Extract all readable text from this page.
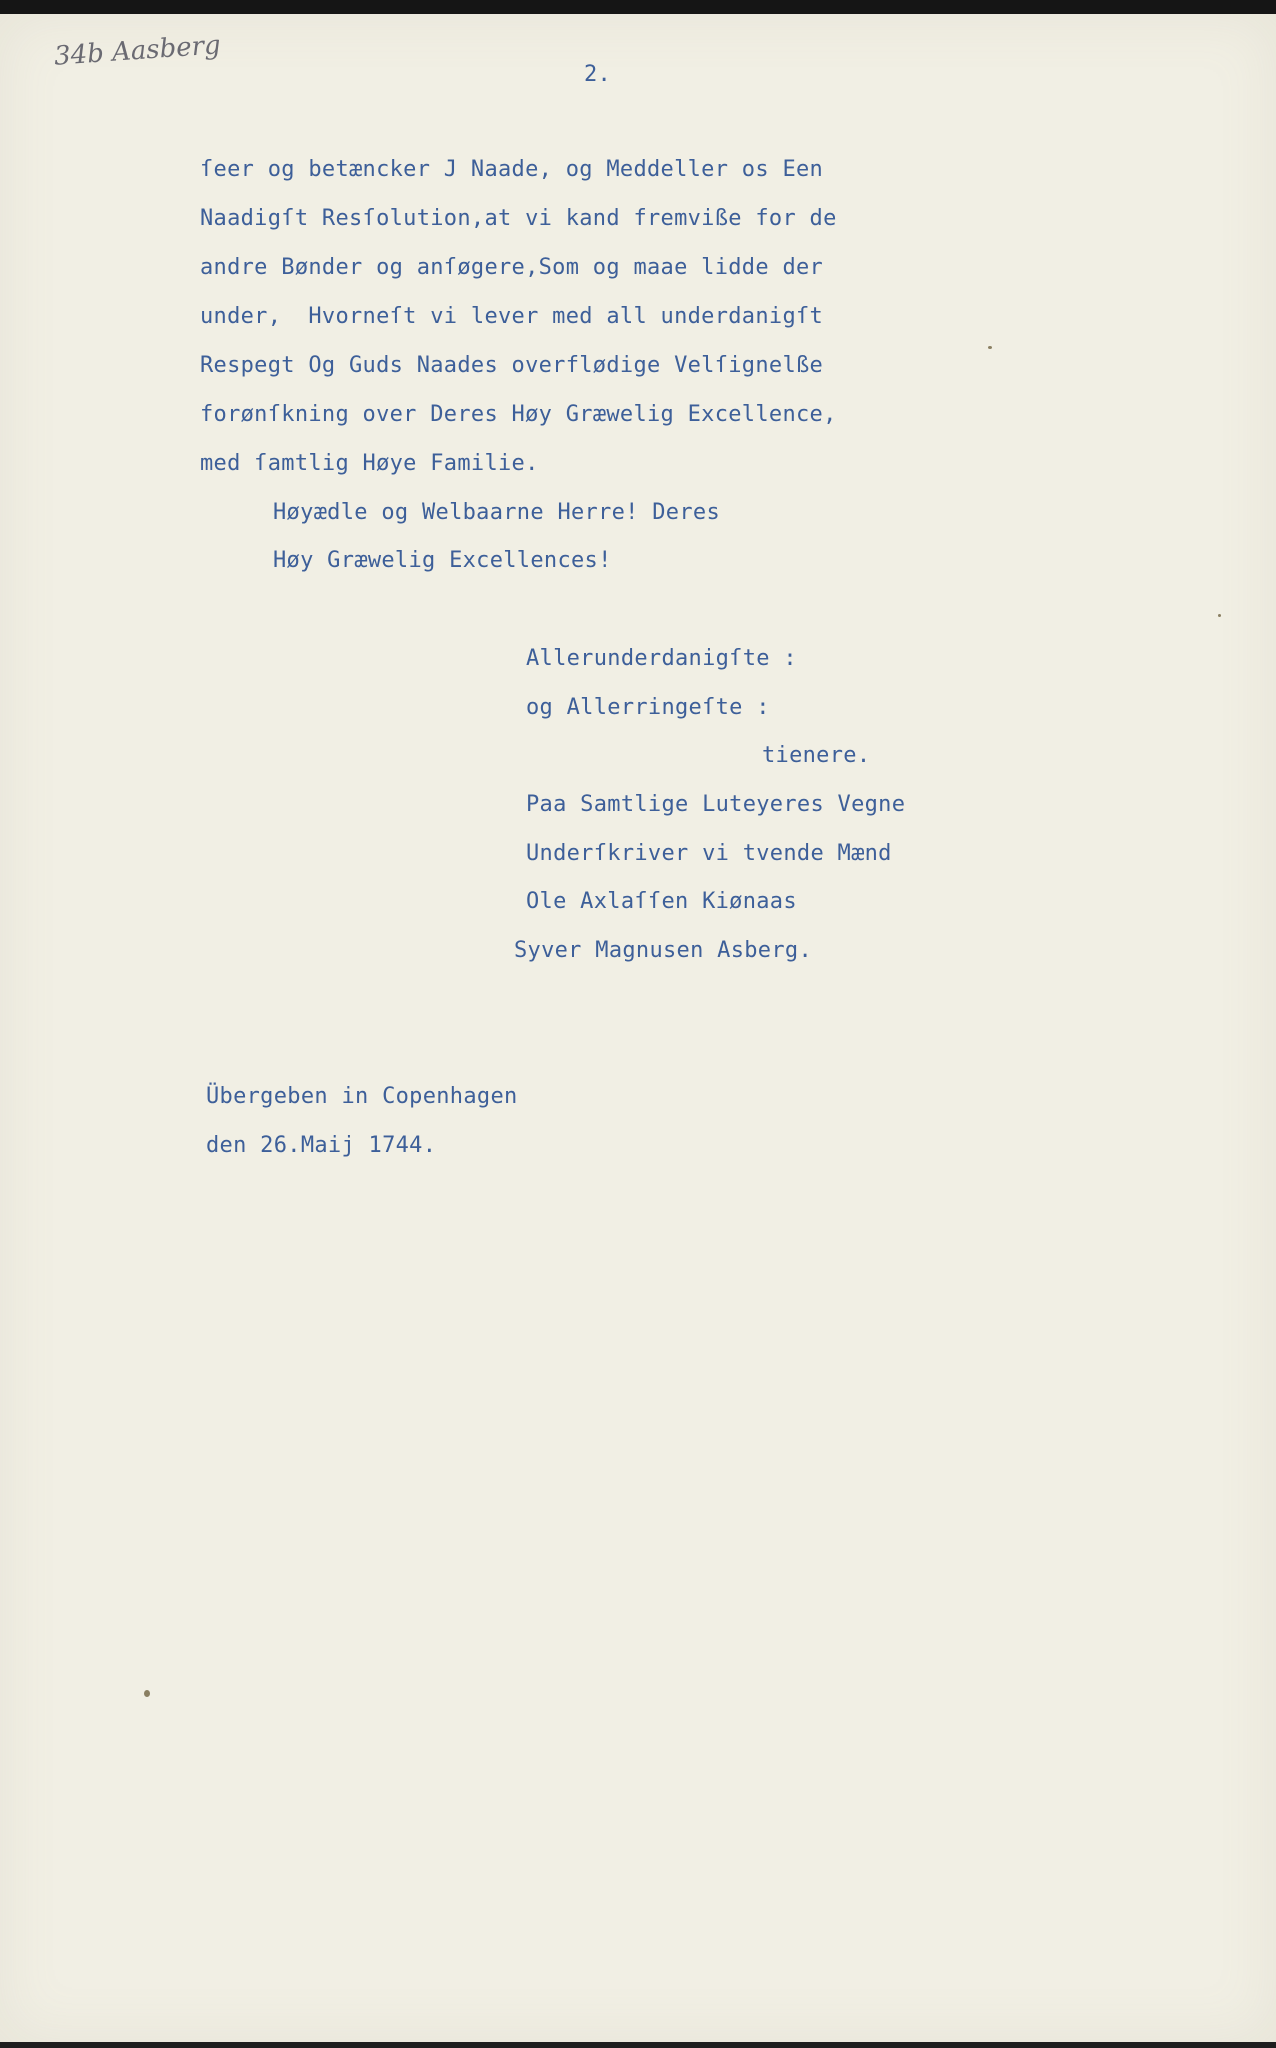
34b Aasberg
2.
ſeer og betæncker J Naade, og Meddeller os Een
Naadigſt Resſolution,at vi kand fremviße for de
andre Bønder og anſøgere,Som og maae lidde der
under,  Hvorneſt vi lever med all underdanigſt
Respegt Og Guds Naades overflødige Velſignelße
forønſkning over Deres Høy Græwelig Excellence,
med ſamtlig Høye Familie.
Høyædle og Welbaarne Herre! Deres
Høy Græwelig Excellences!
Allerunderdanigſte :
og Allerringeſte :
tienere.
Paa Samtlige Luteyeres Vegne
Underſkriver vi tvende Mænd
Ole Axlaſſen Kiønaas
Syver Magnusen Asberg.
Übergeben in Copenhagen
den 26.Maij 1744.
